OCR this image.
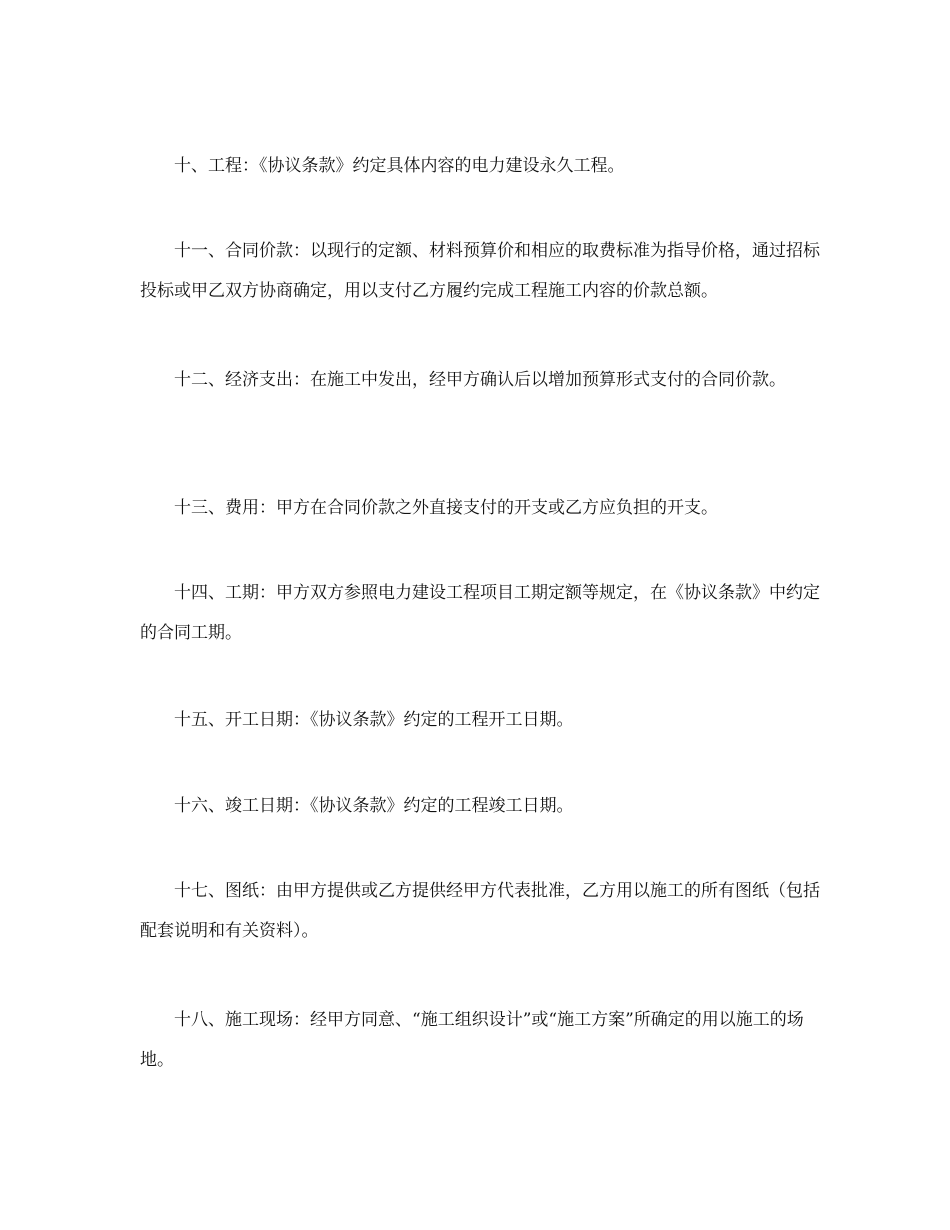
十、工程：《协议条款》约定具体内容的电力建设永久工程。

十一、合同价款：以现行的定额、材料预算价和相应的取费标准为指导价格，通过招标投标或甲乙双方协商确定，用以支付乙方履约完成工程施工内容的价款总额。

十二、经济支出：在施工中发出，经甲方确认后以增加预算形式支付的合同价款。

十三、费用：甲方在合同价款之外直接支付的开支或乙方应负担的开支。

十四、工期：甲方双方参照电力建设工程项目工期定额等规定，在《协议条款》中约定的合同工期。

十五、开工日期：《协议条款》约定的工程开工日期。

十六、竣工日期：《协议条款》约定的工程竣工日期。

十七、图纸：由甲方提供或乙方提供经甲方代表批准，乙方用以施工的所有图纸（包括配套说明和有关资料）。

十八、施工现场：经甲方同意、“施工组织设计”或“施工方案”所确定的用以施工的场地。
